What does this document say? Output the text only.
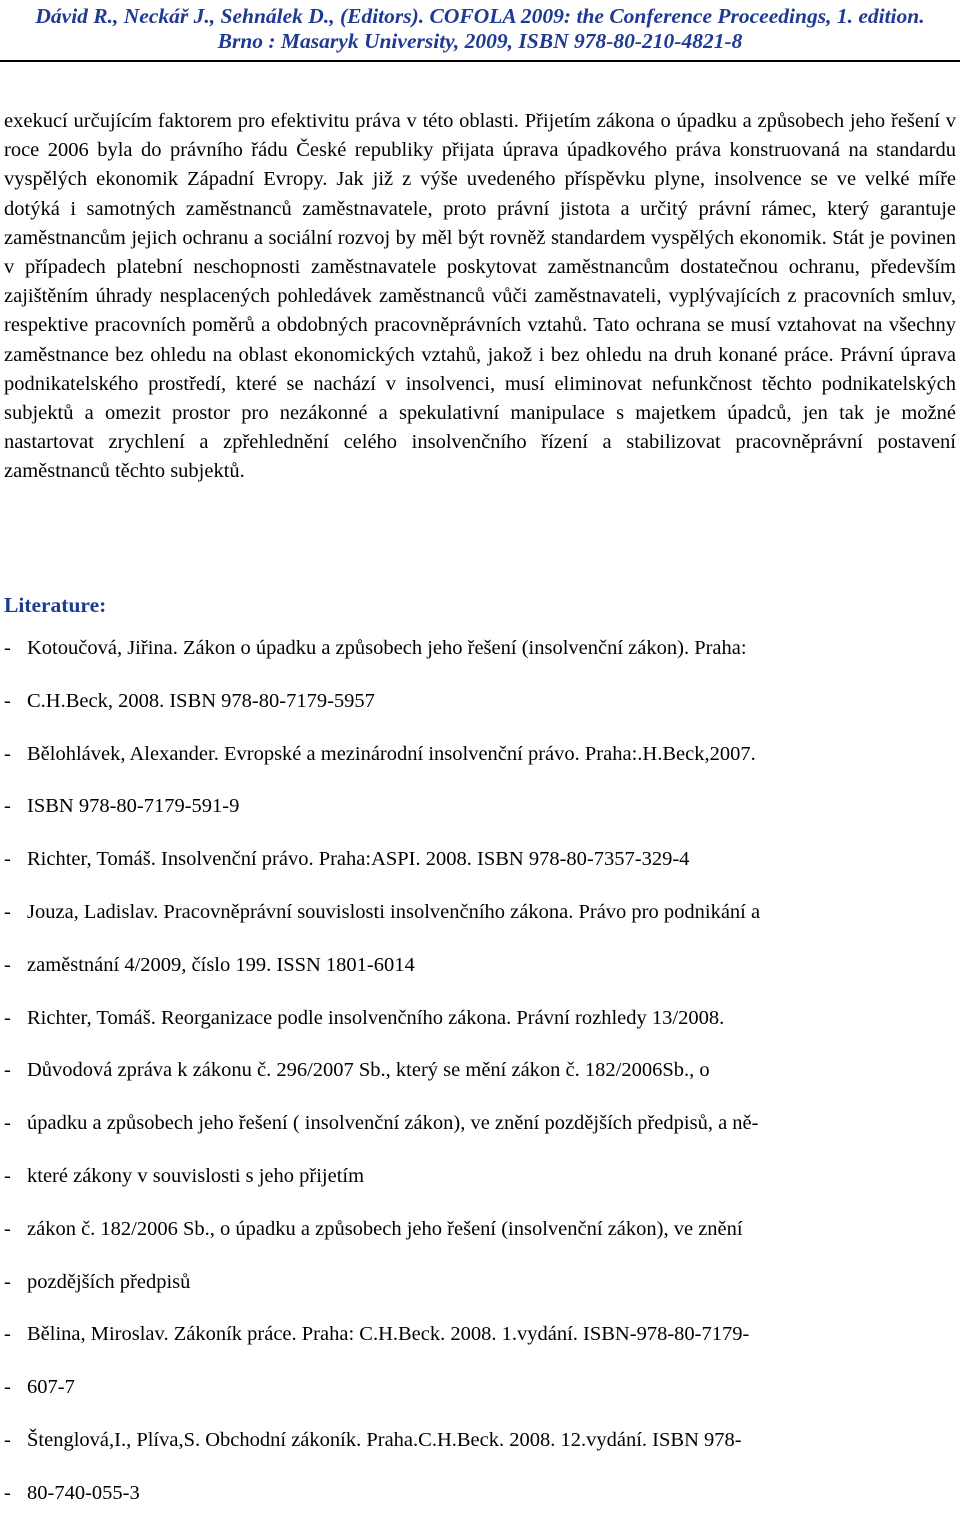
Dávid R., Neckář J., Sehnálek D., (Editors). COFOLA 2009: the Conference Proceedings, 1. edition.
Brno : Masaryk University, 2009, ISBN 978-80-210-4821-8

exekucí určujícím faktorem pro efektivitu práva v této oblasti. Přijetím zákona o úpadku a způsobech jeho řešení v roce 2006 byla do právního řádu České republiky přijata úprava úpadkového práva konstruovaná na standardu vyspělých ekonomik Západní Evropy. Jak již z výše uvedeného příspěvku plyne, insolvence se ve velké míře dotýká i samotných zaměstnanců zaměstnavatele, proto právní jistota a určitý právní rámec, který garantuje zaměstnancům jejich ochranu a sociální rozvoj by měl být rovněž standardem vyspělých ekonomik. Stát je povinen v případech platební neschopnosti zaměstnavatele poskytovat zaměstnancům dostatečnou ochranu, především zajištěním úhrady nesplacených pohledávek zaměstnanců vůči zaměstnavateli, vyplývajících z pracovních smluv, respektive pracovních poměrů a obdobných pracovněprávních vztahů. Tato ochrana se musí vztahovat na všechny zaměstnance bez ohledu na oblast ekonomických vztahů, jakož i bez ohledu na druh konané práce. Právní úprava podnikatelského prostředí, které se nachází v insolvenci, musí eliminovat nefunkčnost těchto podnikatelských subjektů a omezit prostor pro nezákonné a spekulativní manipulace s majetkem úpadců, jen tak je možné nastartovat zrychlení a zpřehlednění celého insolvenčního řízení a stabilizovat pracovněprávní postavení zaměstnanců těchto subjektů.

Literature:
- Kotoučová, Jiřina. Zákon o úpadku a způsobech jeho řešení (insolvenční zákon). Praha:
- C.H.Beck, 2008. ISBN 978-80-7179-5957
- Bělohlávek, Alexander. Evropské a mezinárodní insolvenční právo. Praha:.H.Beck,2007.
- ISBN 978-80-7179-591-9
- Richter, Tomáš. Insolvenční právo. Praha:ASPI. 2008. ISBN 978-80-7357-329-4
- Jouza, Ladislav. Pracovněprávní souvislosti insolvenčního zákona. Právo pro podnikání a
- zaměstnání 4/2009, číslo 199. ISSN 1801-6014
- Richter, Tomáš. Reorganizace podle insolvenčního zákona. Právní rozhledy 13/2008.
- Důvodová zpráva k zákonu č. 296/2007 Sb., který se mění zákon č. 182/2006Sb., o
- úpadku a způsobech jeho řešení ( insolvenční zákon), ve znění pozdějších předpisů, a ně-
- které zákony v souvislosti s jeho přijetím
- zákon č. 182/2006 Sb., o úpadku a způsobech jeho řešení (insolvenční zákon), ve znění
- pozdějších předpisů
- Bělina, Miroslav. Zákoník práce. Praha: C.H.Beck. 2008. 1.vydání. ISBN-978-80-7179-
- 607-7
- Štenglová,I., Plíva,S. Obchodní zákoník. Praha.C.H.Beck. 2008. 12.vydání. ISBN 978-
- 80-740-055-3
